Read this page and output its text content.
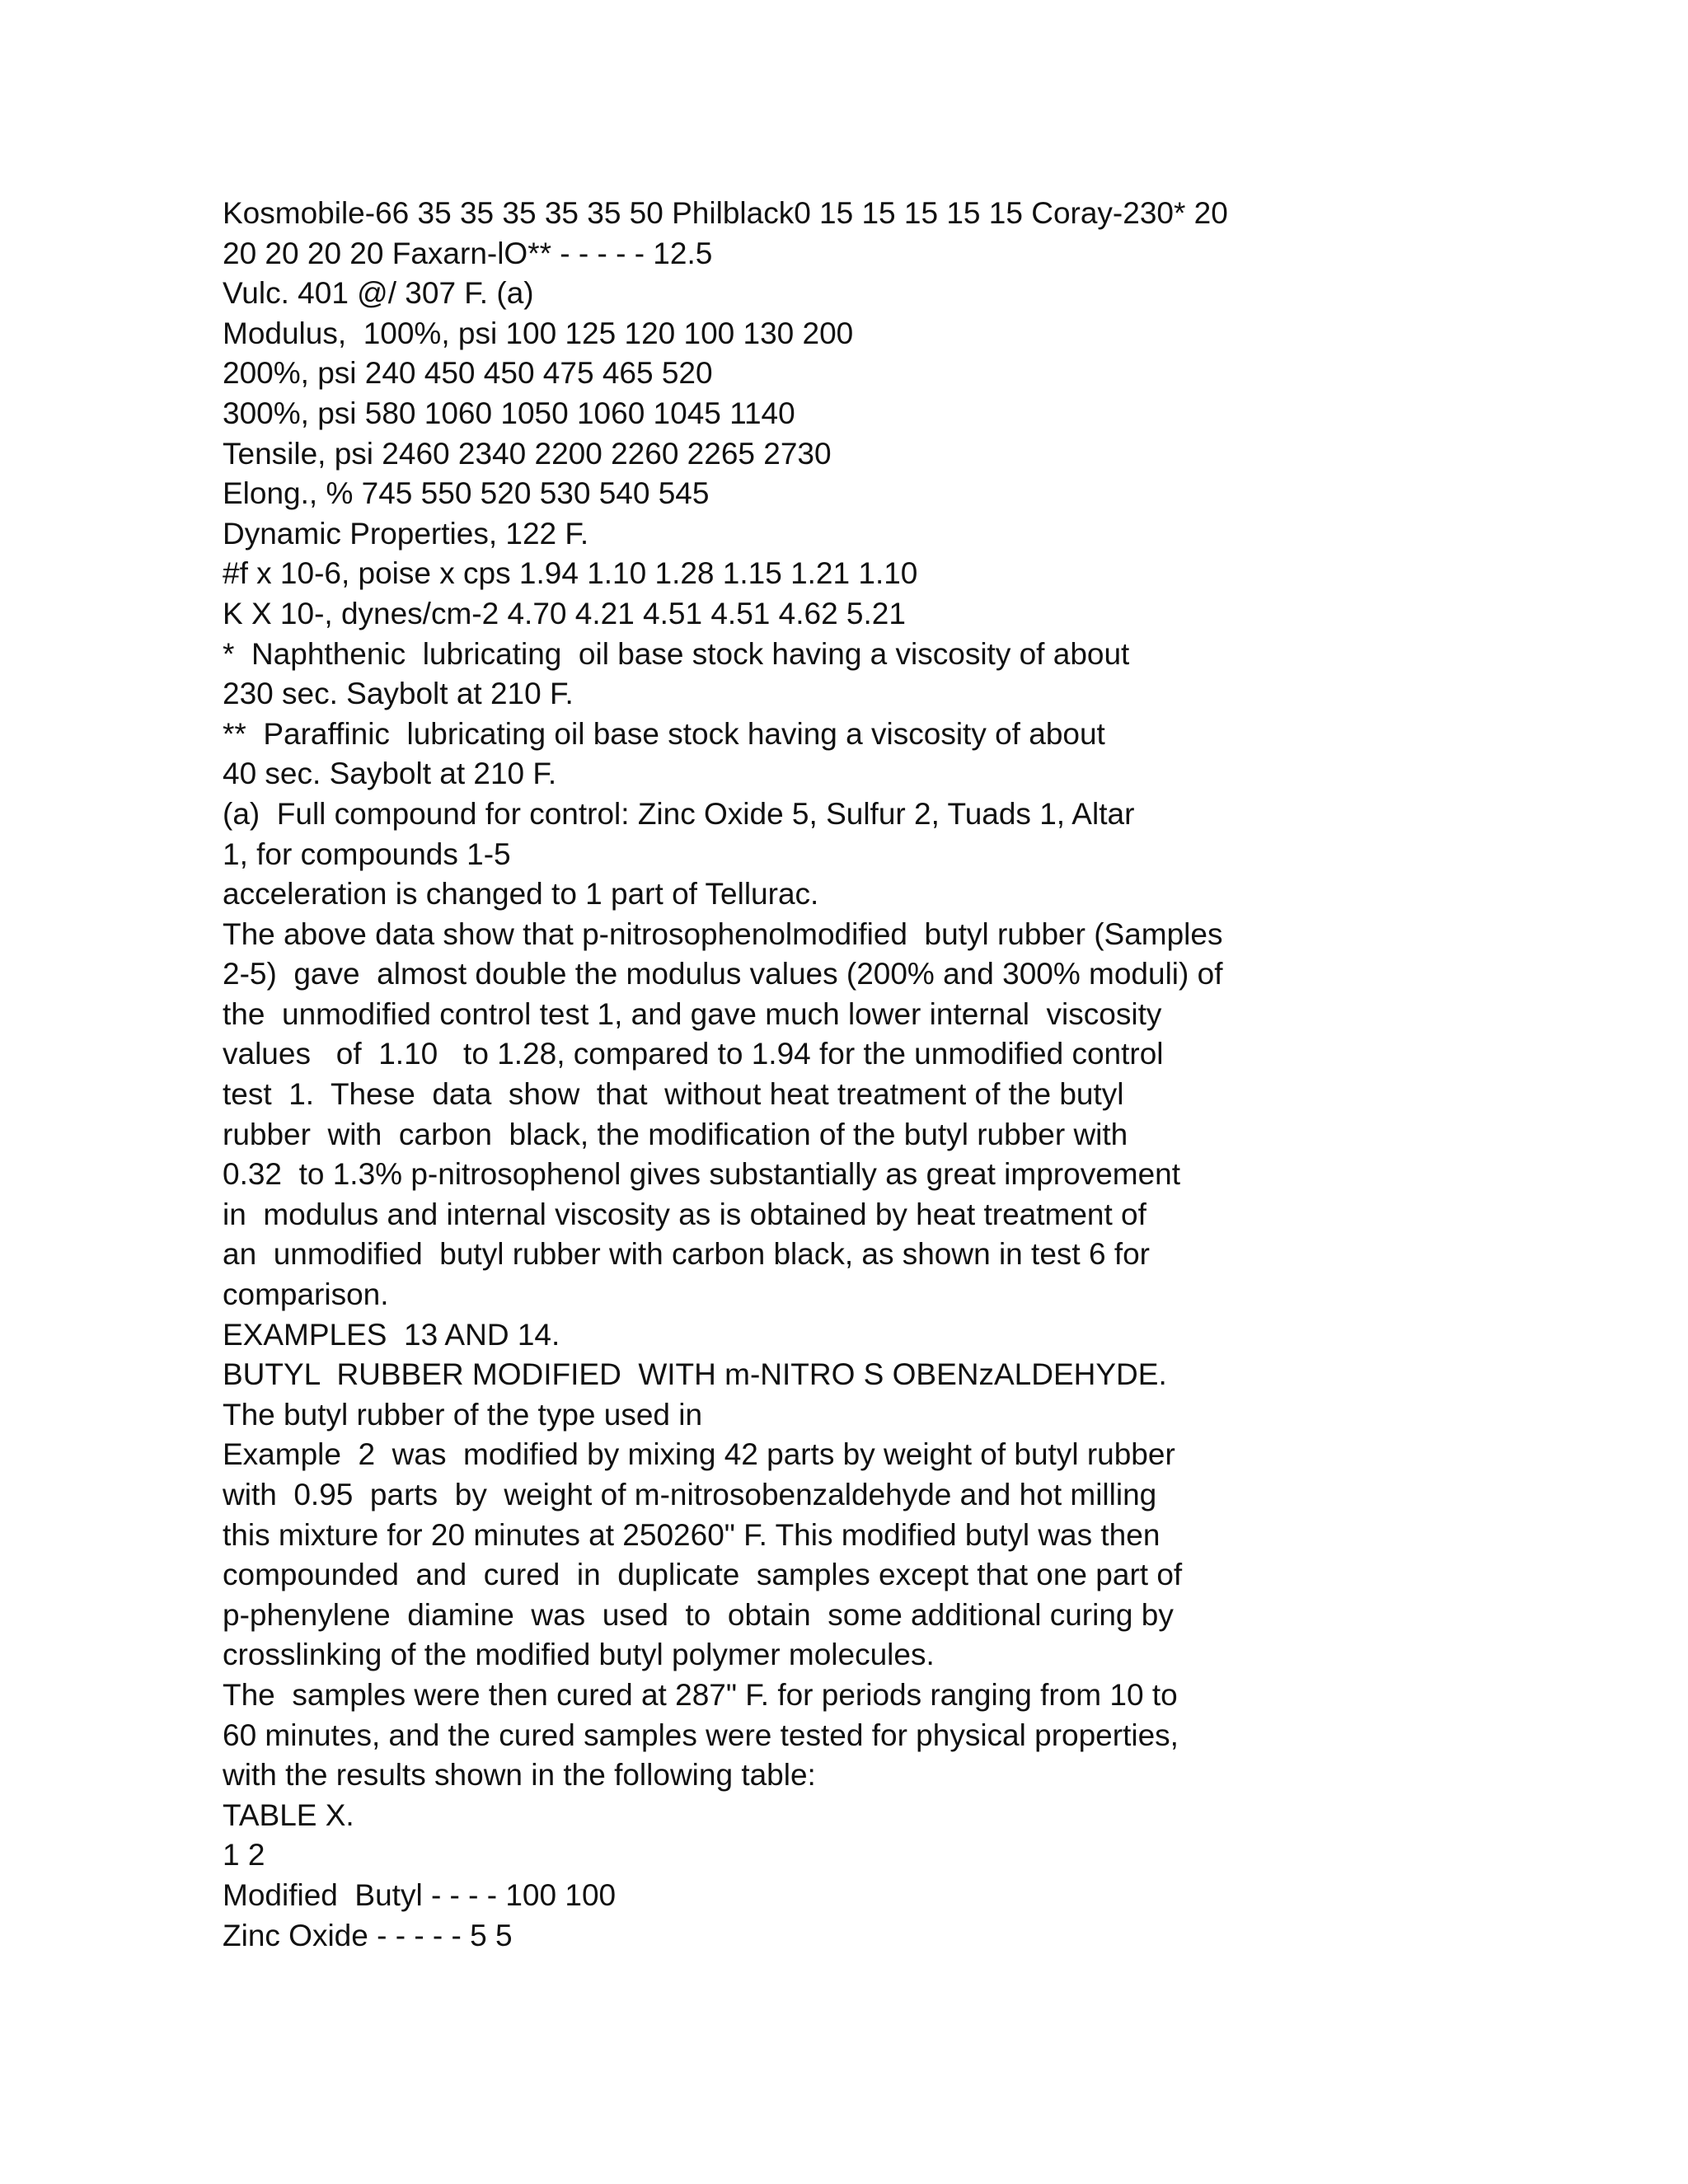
Kosmobile-66 35 35 35 35 35 50 Philblack0 15 15 15 15 15 Coray-230* 20
20 20 20 20 Faxarn-lO** - - - - - 12.5
Vulc. 401 @/ 307 F. (a)
Modulus,  100%, psi 100 125 120 100 130 200
200%, psi 240 450 450 475 465 520
300%, psi 580 1060 1050 1060 1045 1140
Tensile, psi 2460 2340 2200 2260 2265 2730
Elong., % 745 550 520 530 540 545
Dynamic Properties, 122 F.
#f x 10-6, poise x cps 1.94 1.10 1.28 1.15 1.21 1.10
K X 10-, dynes/cm-2 4.70 4.21 4.51 4.51 4.62 5.21
*  Naphthenic  lubricating  oil base stock having a viscosity of about
230 sec. Saybolt at 210 F.
**  Paraffinic  lubricating oil base stock having a viscosity of about
40 sec. Saybolt at 210 F.
(a)  Full compound for control: Zinc Oxide 5, Sulfur 2, Tuads 1, Altar
1, for compounds 1-5
acceleration is changed to 1 part of Tellurac.
The above data show that p-nitrosophenolmodified  butyl rubber (Samples
2-5)  gave  almost double the modulus values (200% and 300% moduli) of
the  unmodified control test 1, and gave much lower internal  viscosity
values   of  1.10   to 1.28, compared to 1.94 for the unmodified control
test  1.  These  data  show  that  without heat treatment of the butyl
rubber  with  carbon  black, the modification of the butyl rubber with
0.32  to 1.3% p-nitrosophenol gives substantially as great improvement
in  modulus and internal viscosity as is obtained by heat treatment of
an  unmodified  butyl rubber with carbon black, as shown in test 6 for
comparison.
EXAMPLES  13 AND 14.
BUTYL  RUBBER MODIFIED  WITH m-NITRO S OBENzALDEHYDE.
The butyl rubber of the type used in
Example  2  was  modified by mixing 42 parts by weight of butyl rubber
with  0.95  parts  by  weight of m-nitrosobenzaldehyde and hot milling
this mixture for 20 minutes at 250260" F. This modified butyl was then
compounded  and  cured  in  duplicate  samples except that one part of
p-phenylene  diamine  was  used  to  obtain  some additional curing by
crosslinking of the modified butyl polymer molecules.
The  samples were then cured at 287" F. for periods ranging from 10 to
60 minutes, and the cured samples were tested for physical properties,
with the results shown in the following table:
TABLE X.
1 2
Modified  Butyl - - - - 100 100
Zinc Oxide - - - - - 5 5
